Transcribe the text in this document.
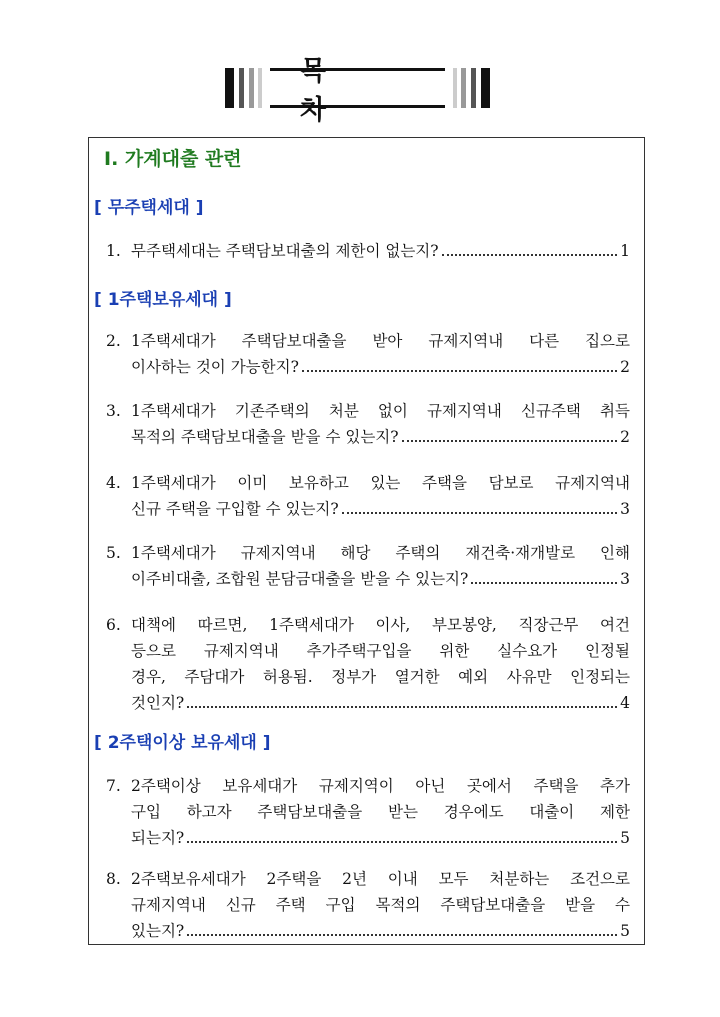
목 차
Ⅰ. 가계대출 관련
[ 무주택세대 ]
[ 1주택보유세대 ]
[ 2주택이상 보유세대 ]
1. 무주택세대는 주택담보대출의 제한이 없는지?	1
2. 1주택세대가 주택담보대출을 받아 규제지역내 다른 집으로
이사하는 것이 가능한지?	2
3. 1주택세대가 기존주택의 처분 없이 규제지역내 신규주택 취득
목적의 주택담보대출을 받을 수 있는지?	2
4. 1주택세대가 이미 보유하고 있는 주택을 담보로 규제지역내
신규 주택을 구입할 수 있는지?	3
5. 1주택세대가 규제지역내 해당 주택의 재건축·재개발로 인해
이주비대출, 조합원 분담금대출을 받을 수 있는지?	3
6. 대책에 따르면, 1주택세대가 이사, 부모봉양, 직장근무 여건
등으로 규제지역내 추가주택구입을 위한 실수요가 인정될
경우, 주담대가 허용됨. 정부가 열거한 예외 사유만 인정되는
것인지?	4
7. 2주택이상 보유세대가 규제지역이 아닌 곳에서 주택을 추가
구입 하고자 주택담보대출을 받는 경우에도 대출이 제한
되는지?	5
8. 2주택보유세대가 2주택을 2년 이내 모두 처분하는 조건으로
규제지역내 신규 주택 구입 목적의 주택담보대출을 받을 수
있는지?	5
